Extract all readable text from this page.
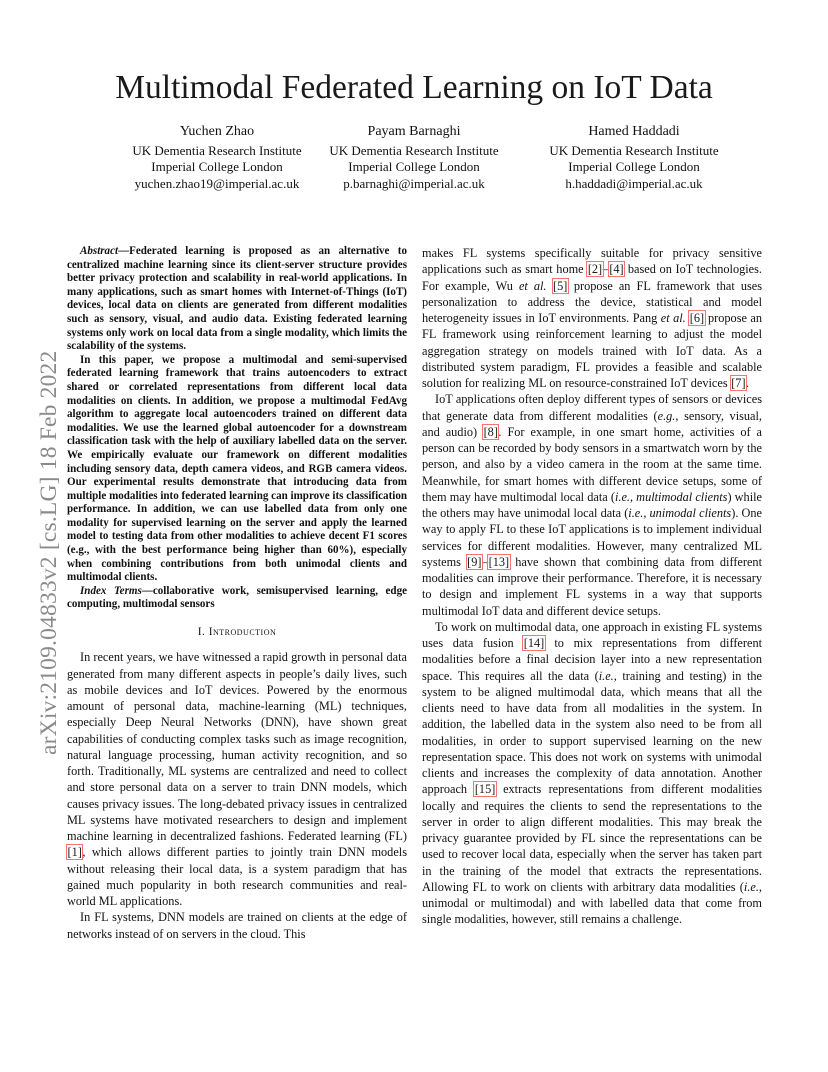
arXiv:2109.04833v2 [cs.LG] 18 Feb 2022
Multimodal Federated Learning on IoT Data
Yuchen Zhao
UK Dementia Research Institute
Imperial College London
yuchen.zhao19@imperial.ac.uk
Payam Barnaghi
UK Dementia Research Institute
Imperial College London
p.barnaghi@imperial.ac.uk
Hamed Haddadi
UK Dementia Research Institute
Imperial College London
h.haddadi@imperial.ac.uk

Abstract—Federated learning is proposed as an alternative to centralized machine learning since its client-server structure provides better privacy protection and scalability in real-world applications. In many applications, such as smart homes with Internet-of-Things (IoT) devices, local data on clients are generated from different modalities such as sensory, visual, and audio data. Existing federated learning systems only work on local data from a single modality, which limits the scalability of the systems.

In this paper, we propose a multimodal and semi-supervised federated learning framework that trains autoencoders to extract shared or correlated representations from different local data modalities on clients. In addition, we propose a multimodal FedAvg algorithm to aggregate local autoencoders trained on different data modalities. We use the learned global autoencoder for a downstream classification task with the help of auxiliary labelled data on the server. We empirically evaluate our framework on different modalities including sensory data, depth camera videos, and RGB camera videos. Our experimental results demonstrate that introducing data from multiple modalities into federated learning can improve its classification performance. In addition, we can use labelled data from only one modality for supervised learning on the server and apply the learned model to testing data from other modalities to achieve decent F1 scores (e.g., with the best performance being higher than 60%), especially when combining contributions from both unimodal clients and multimodal clients.

Index Terms—collaborative work, semisupervised learning, edge computing, multimodal sensors

I. Introduction

In recent years, we have witnessed a rapid growth in personal data generated from many different aspects in people’s daily lives, such as mobile devices and IoT devices. Powered by the enormous amount of personal data, machine-learning (ML) techniques, especially Deep Neural Networks (DNN), have shown great capabilities of conducting complex tasks such as image recognition, natural language processing, human activity recognition, and so forth. Traditionally, ML systems are centralized and need to collect and store personal data on a server to train DNN models, which causes privacy issues. The long-debated privacy issues in centralized ML systems have motivated researchers to design and implement machine learning in decentralized fashions. Federated learning (FL) [1], which allows different parties to jointly train DNN models without releasing their local data, is a system paradigm that has gained much popularity in both research communities and real-world ML applications.

In FL systems, DNN models are trained on clients at the edge of networks instead of on servers in the cloud. This

makes FL systems specifically suitable for privacy sensitive applications such as smart home [2]–[4] based on IoT technologies. For example, Wu et al. [5] propose an FL framework that uses personalization to address the device, statistical and model heterogeneity issues in IoT environments. Pang et al. [6] propose an FL framework using reinforcement learning to adjust the model aggregation strategy on models trained with IoT data. As a distributed system paradigm, FL provides a feasible and scalable solution for realizing ML on resource-constrained IoT devices [7].

IoT applications often deploy different types of sensors or devices that generate data from different modalities (e.g., sensory, visual, and audio) [8]. For example, in one smart home, activities of a person can be recorded by body sensors in a smartwatch worn by the person, and also by a video camera in the room at the same time. Meanwhile, for smart homes with different device setups, some of them may have multimodal local data (i.e., multimodal clients) while the others may have unimodal local data (i.e., unimodal clients). One way to apply FL to these IoT applications is to implement individual services for different modalities. However, many centralized ML systems [9]–[13] have shown that combining data from different modalities can improve their performance. Therefore, it is necessary to design and implement FL systems in a way that supports multimodal IoT data and different device setups.

To work on multimodal data, one approach in existing FL systems uses data fusion [14] to mix representations from different modalities before a final decision layer into a new representation space. This requires all the data (i.e., training and testing) in the system to be aligned multimodal data, which means that all the clients need to have data from all modalities in the system. In addition, the labelled data in the system also need to be from all modalities, in order to support supervised learning on the new representation space. This does not work on systems with unimodal clients and increases the complexity of data annotation. Another approach [15] extracts representations from different modalities locally and requires the clients to send the representations to the server in order to align different modalities. This may break the privacy guarantee provided by FL since the representations can be used to recover local data, especially when the server has taken part in the training of the model that extracts the representations. Allowing FL to work on clients with arbitrary data modalities (i.e., unimodal or multimodal) and with labelled data that come from single modalities, however, still remains a challenge.
